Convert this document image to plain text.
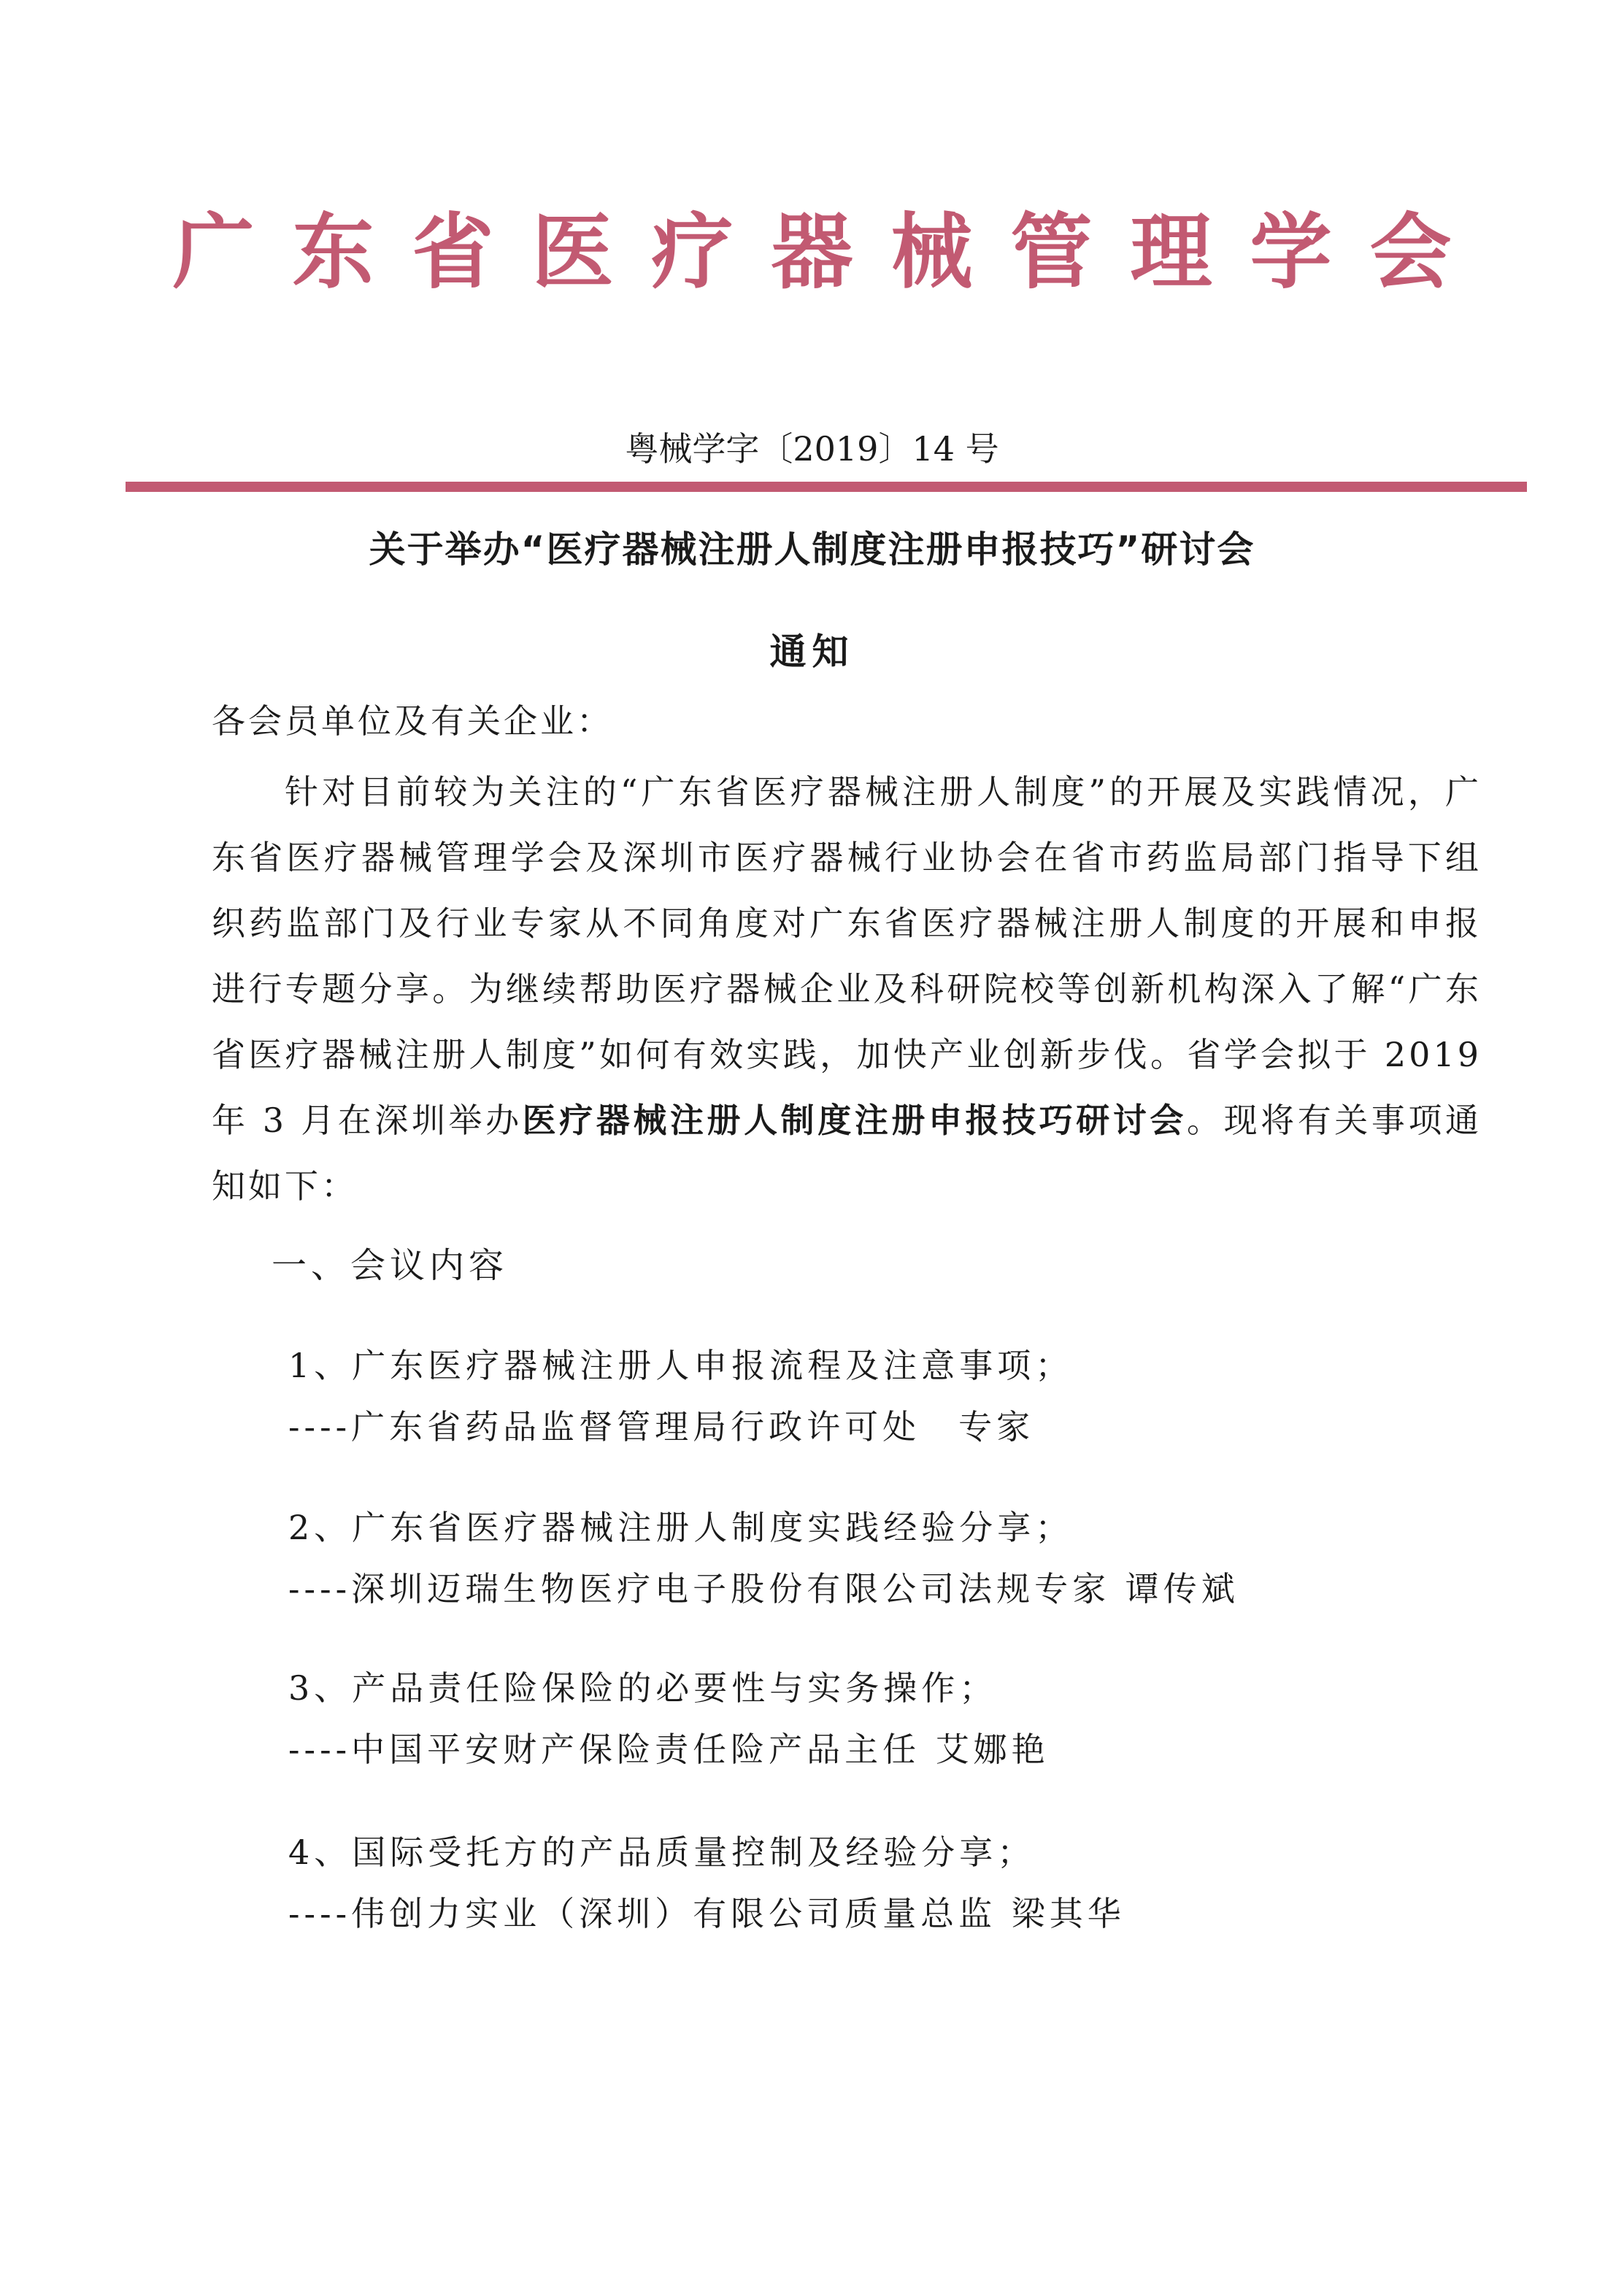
广东省医疗器械管理学会
粤械学字〔2019〕14 号
关于举办“医疗器械注册人制度注册申报技巧”研讨会
通知
各会员单位及有关企业：
针对目前较为关注的“广东省医疗器械注册人制度”的开展及实践情况，广东省医疗器械管理学会及深圳市医疗器械行业协会在省市药监局部门指导下组织药监部门及行业专家从不同角度对广东省医疗器械注册人制度的开展和申报进行专题分享。为继续帮助医疗器械企业及科研院校等创新机构深入了解“广东省医疗器械注册人制度”如何有效实践，加快产业创新步伐。省学会拟于 2019 年 3 月在深圳举办医疗器械注册人制度注册申报技巧研讨会。现将有关事项通知如下：
一、会议内容
1、广东医疗器械注册人申报流程及注意事项；
----广东省药品监督管理局行政许可处　专家
2、广东省医疗器械注册人制度实践经验分享；
----深圳迈瑞生物医疗电子股份有限公司法规专家 谭传斌
3、产品责任险保险的必要性与实务操作；
----中国平安财产保险责任险产品主任 艾娜艳
4、国际受托方的产品质量控制及经验分享；
----伟创力实业（深圳）有限公司质量总监 梁其华
